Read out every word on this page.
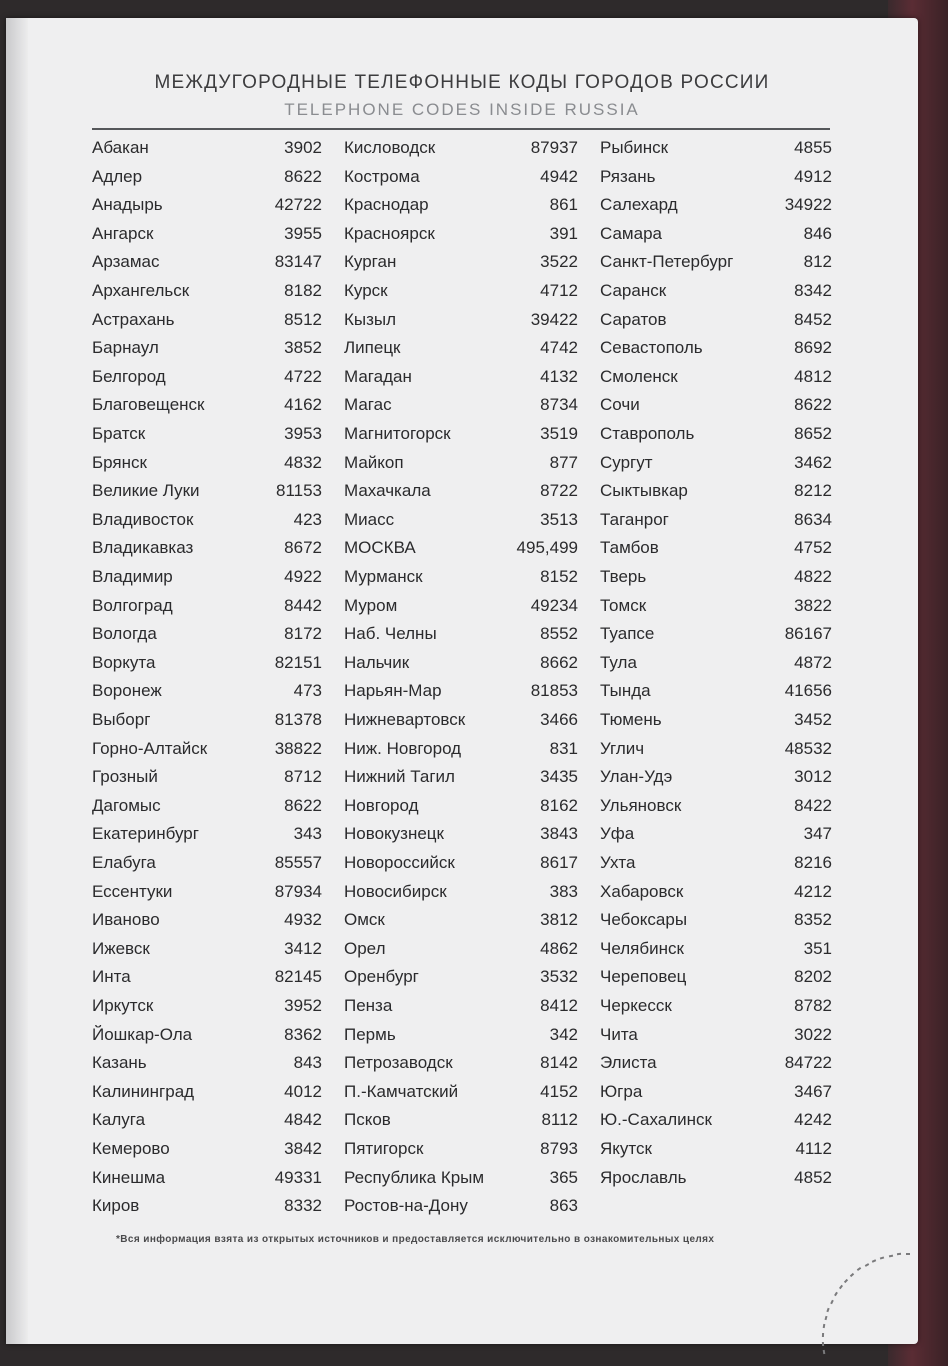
МЕЖДУГОРОДНЫЕ ТЕЛЕФОННЫЕ КОДЫ ГОРОДОВ РОССИИ
TELEPHONE CODES INSIDE RUSSIA
Абакан	3902
Адлер	8622
Анадырь	42722
Ангарск	3955
Арзамас	83147
Архангельск	8182
Астрахань	8512
Барнаул	3852
Белгород	4722
Благовещенск	4162
Братск	3953
Брянск	4832
Великие Луки	81153
Владивосток	423
Владикавказ	8672
Владимир	4922
Волгоград	8442
Вологда	8172
Воркута	82151
Воронеж	473
Выборг	81378
Горно-Алтайск	38822
Грозный	8712
Дагомыс	8622
Екатеринбург	343
Елабуга	85557
Ессентуки	87934
Иваново	4932
Ижевск	3412
Инта	82145
Иркутск	3952
Йошкар-Ола	8362
Казань	843
Калининград	4012
Калуга	4842
Кемерово	3842
Кинешма	49331
Киров	8332
Кисловодск	87937
Кострома	4942
Краснодар	861
Красноярск	391
Курган	3522
Курск	4712
Кызыл	39422
Липецк	4742
Магадан	4132
Магас	8734
Магнитогорск	3519
Майкоп	877
Махачкала	8722
Миасс	3513
МОСКВА	495,499
Мурманск	8152
Муром	49234
Наб. Челны	8552
Нальчик	8662
Нарьян-Мар	81853
Нижневартовск	3466
Ниж. Новгород	831
Нижний Тагил	3435
Новгород	8162
Новокузнецк	3843
Новороссийск	8617
Новосибирск	383
Омск	3812
Орел	4862
Оренбург	3532
Пенза	8412
Пермь	342
Петрозаводск	8142
П.-Камчатский	4152
Псков	8112
Пятигорск	8793
Республика Крым	365
Ростов-на-Дону	863
Рыбинск	4855
Рязань	4912
Салехард	34922
Самара	846
Санкт-Петербург	812
Саранск	8342
Саратов	8452
Севастополь	8692
Смоленск	4812
Сочи	8622
Ставрополь	8652
Сургут	3462
Сыктывкар	8212
Таганрог	8634
Тамбов	4752
Тверь	4822
Томск	3822
Туапсе	86167
Тула	4872
Тында	41656
Тюмень	3452
Углич	48532
Улан-Удэ	3012
Ульяновск	8422
Уфа	347
Ухта	8216
Хабаровск	4212
Чебоксары	8352
Челябинск	351
Череповец	8202
Черкесск	8782
Чита	3022
Элиста	84722
Югра	3467
Ю.-Сахалинск	4242
Якутск	4112
Ярославль	4852
*Вся информация взята из открытых источников и предоставляется исключительно в ознакомительных целях
